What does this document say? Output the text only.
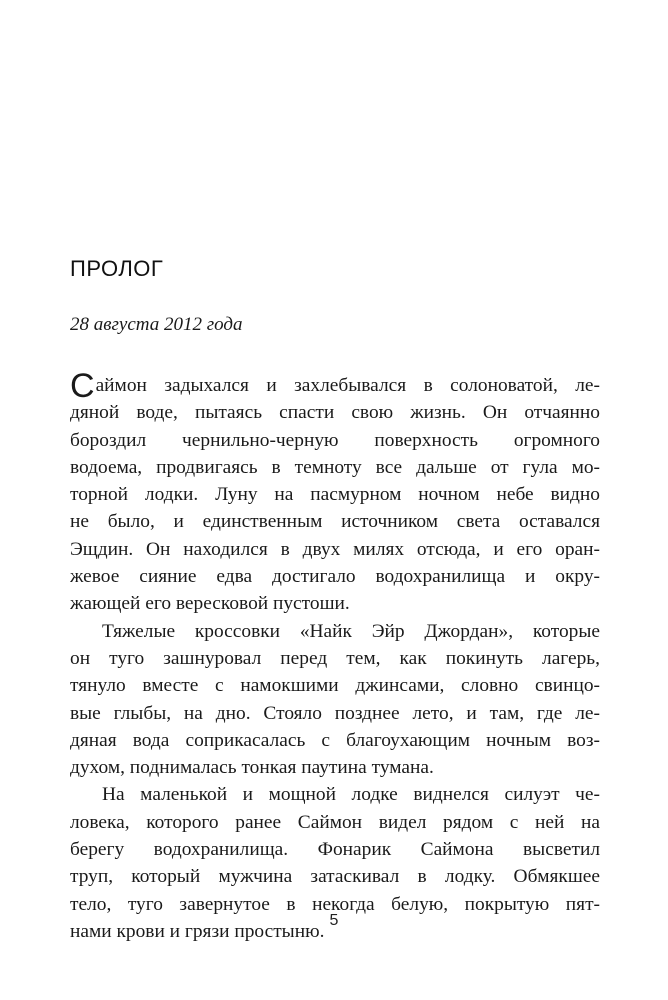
ПРОЛОГ
28 августа 2012 года
Саймон задыхался и захлебывался в солоноватой, ле-
дяной воде, пытаясь спасти свою жизнь. Он отчаянно
бороздил чернильно-черную поверхность огромного
водоема, продвигаясь в темноту все дальше от гула мо-
торной лодки. Луну на пасмурном ночном небе видно
не было, и единственным источником света оставался
Эщдин. Он находился в двух милях отсюда, и его оран-
жевое сияние едва достигало водохранилища и окру-
жающей его вересковой пустоши.
Тяжелые кроссовки «Найк Эйр Джордан», которые
он туго зашнуровал перед тем, как покинуть лагерь,
тянуло вместе с намокшими джинсами, словно свинцо-
вые глыбы, на дно. Стояло позднее лето, и там, где ле-
дяная вода соприкасалась с благоухающим ночным воз-
духом, поднималась тонкая паутина тумана.
На маленькой и мощной лодке виднелся силуэт че-
ловека, которого ранее Саймон видел рядом с ней на
берегу водохранилища. Фонарик Саймона высветил
труп, который мужчина затаскивал в лодку. Обмякшее
тело, туго завернутое в некогда белую, покрытую пят-
нами крови и грязи простыню.
5
